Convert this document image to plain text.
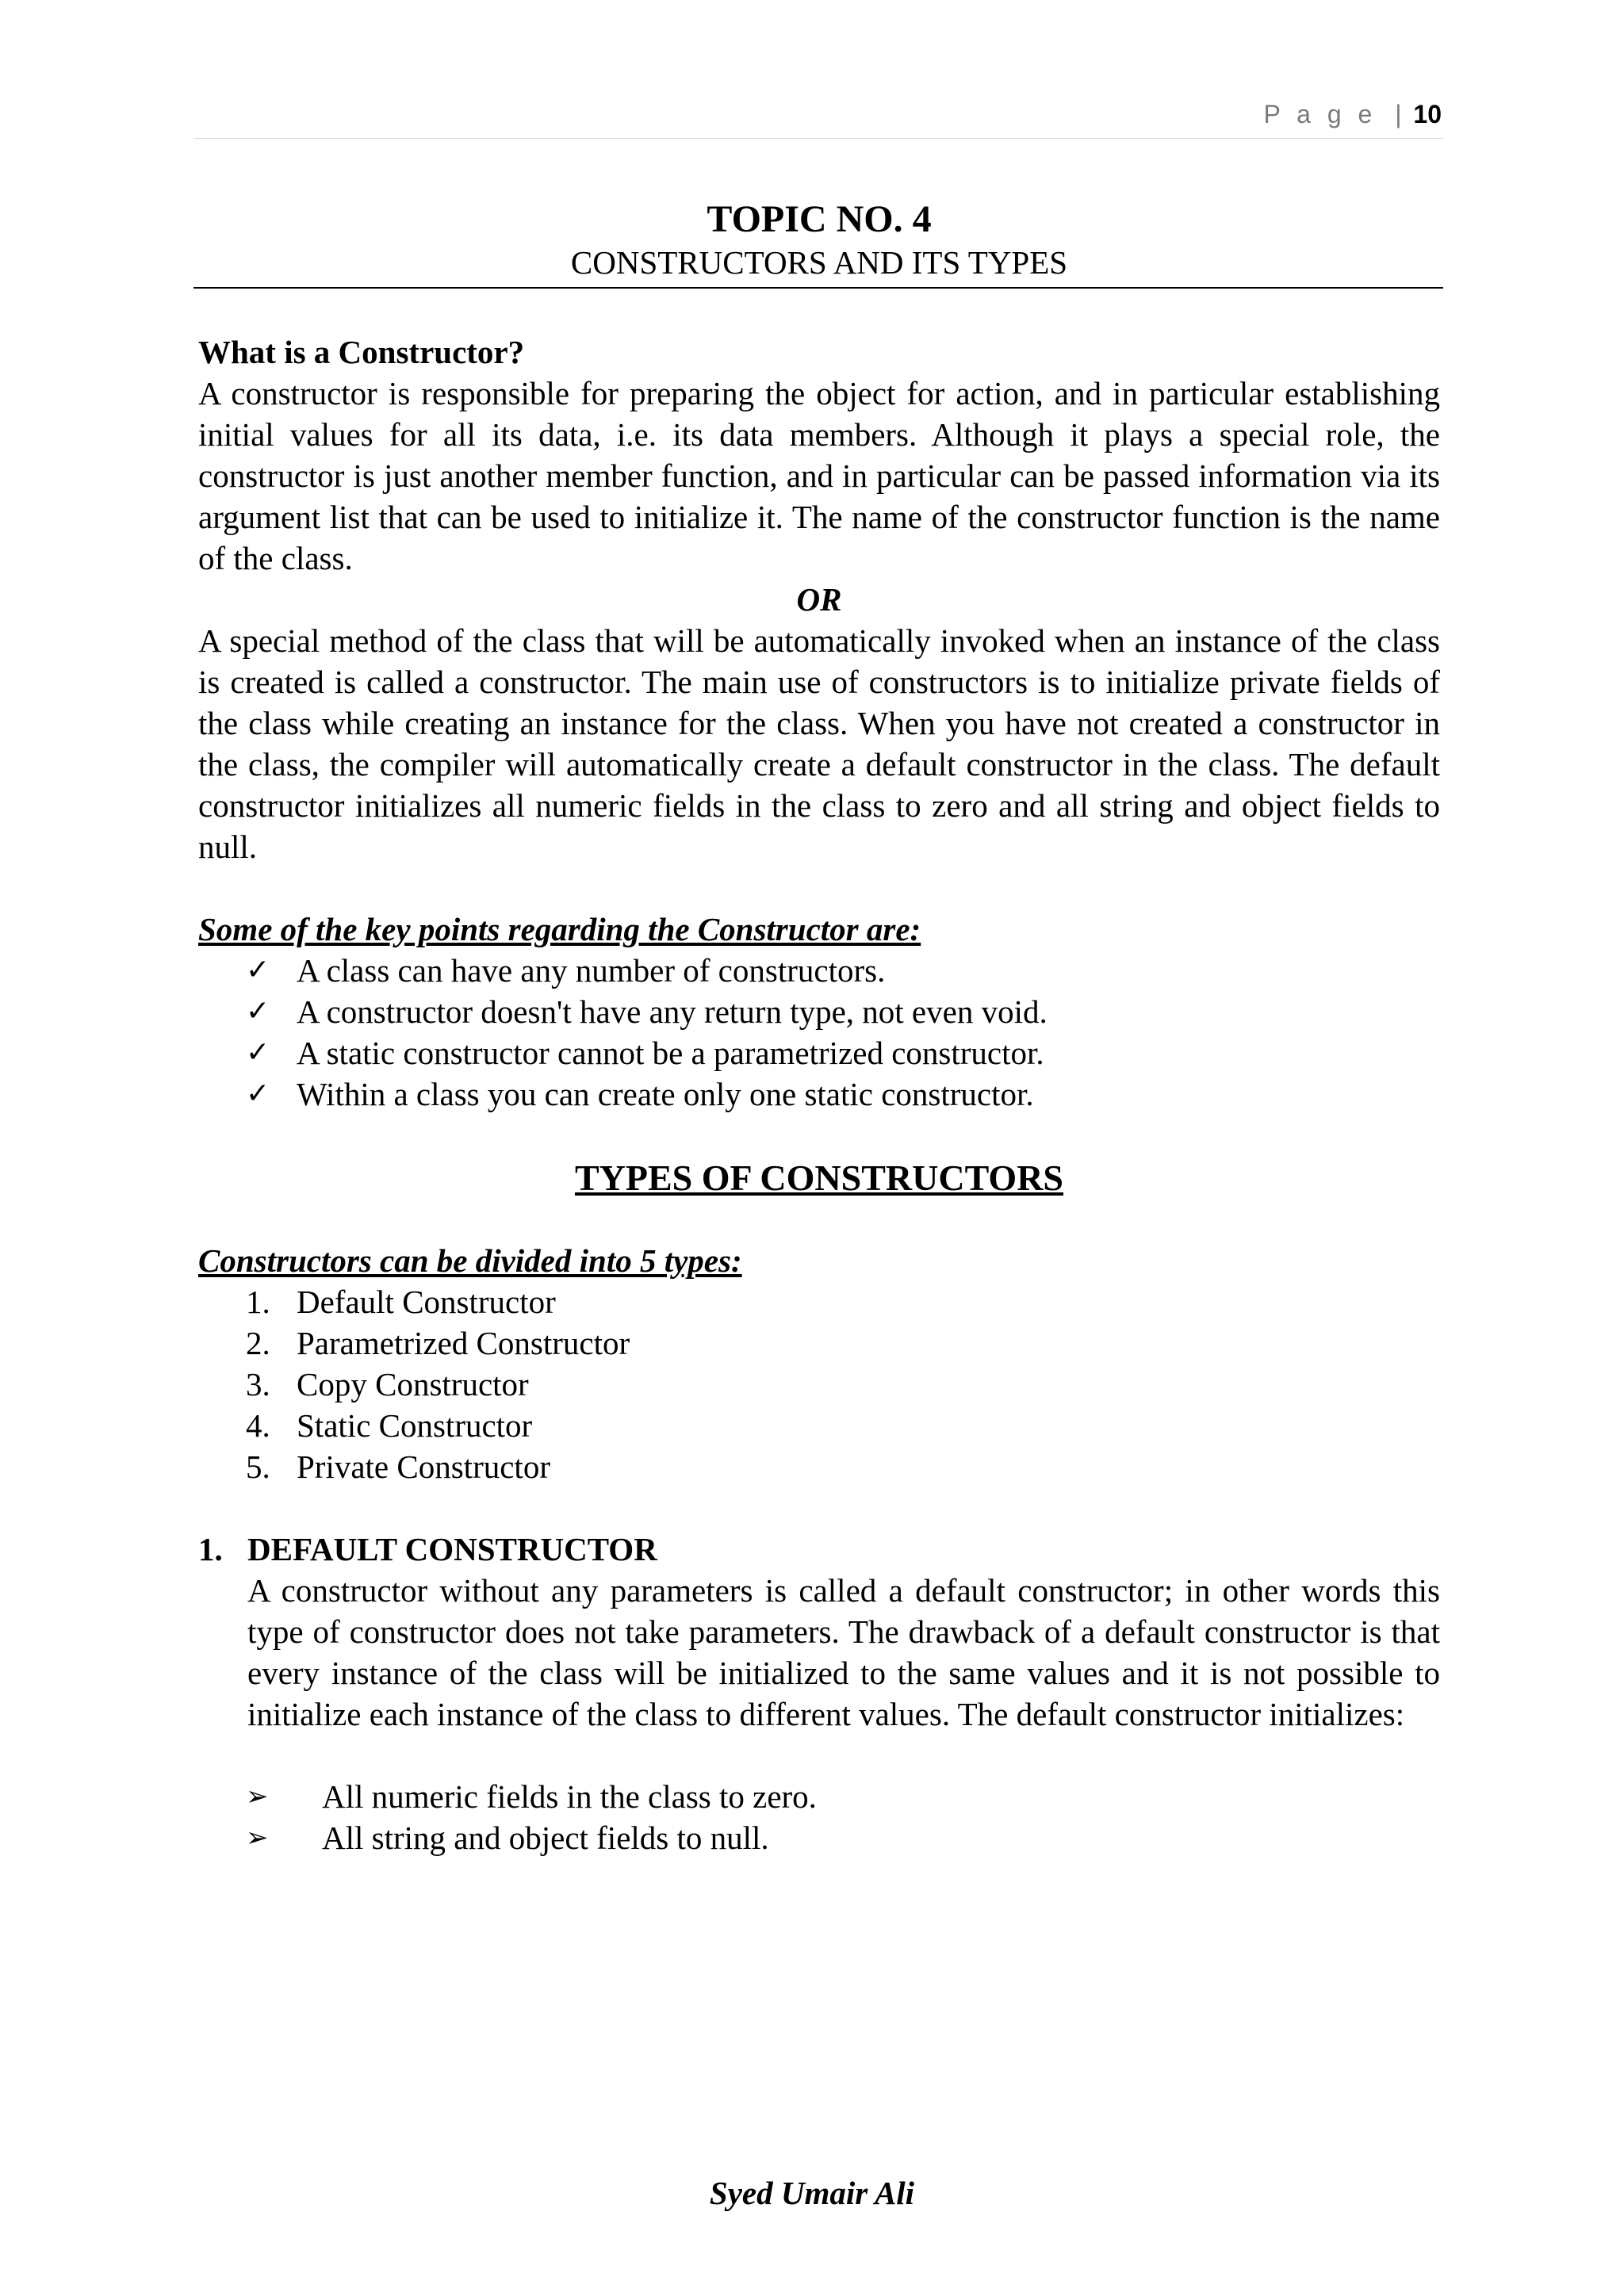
P a g e | 10
TOPIC NO. 4
CONSTRUCTORS AND ITS TYPES
What is a Constructor?

A constructor is responsible for preparing the object for action, and in particular establishing initial values for all its data, i.e. its data members. Although it plays a special role, the constructor is just another member function, and in particular can be passed information via its argument list that can be used to initialize it. The name of the constructor function is the name of the class.

OR

A special method of the class that will be automatically invoked when an instance of the class is created is called a constructor. The main use of constructors is to initialize private fields of the class while creating an instance for the class. When you have not created a constructor in the class, the compiler will automatically create a default constructor in the class. The default constructor initializes all numeric fields in the class to zero and all string and object fields to null.

Some of the key points regarding the Constructor are:
✓ A class can have any number of constructors.
✓ A constructor doesn't have any return type, not even void.
✓ A static constructor cannot be a parametrized constructor.
✓ Within a class you can create only one static constructor.
TYPES OF CONSTRUCTORS
Constructors can be divided into 5 types:
1. Default Constructor
2. Parametrized Constructor
3. Copy Constructor
4. Static Constructor
5. Private Constructor
1. DEFAULT CONSTRUCTOR

A constructor without any parameters is called a default constructor; in other words this type of constructor does not take parameters. The drawback of a default constructor is that every instance of the class will be initialized to the same values and it is not possible to initialize each instance of the class to different values. The default constructor initializes:

➢ All numeric fields in the class to zero.
➢ All string and object fields to null.
Syed Umair Ali
